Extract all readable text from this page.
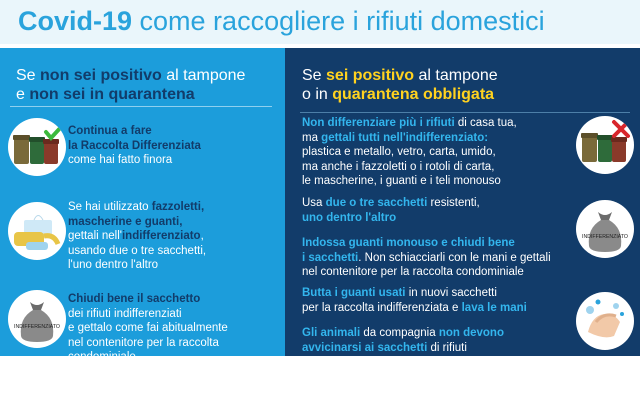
Covid-19 come raccogliere i rifiuti domestici
Se non sei positivo al tampone
e non sei in quarantena
Continua a fare
la Raccolta Differenziata
come hai fatto finora
Se hai utilizzato fazzoletti,
mascherine e guanti,
gettali nell'indifferenziato,
usando due o tre sacchetti,
l'uno dentro l'altro
INDIFFERENZIATO
Chiudi bene il sacchetto
dei rifiuti indifferenziati
e gettalo come fai abitualmente
nel contenitore per la raccolta

Se sei positivo al tampone
o in quarantena obbligata
Non differenziare più i rifiuti di casa tua,
ma gettali tutti nell'indifferenziato:
plastica e metallo, vetro, carta, umido,
ma anche i fazzoletti o i rotoli di carta,
le mascherine, i guanti e i teli monouso
Usa due o tre sacchetti resistenti,
uno dentro l'altro
Indossa guanti monouso e chiudi bene
i sacchetti. Non schiacciarli con le mani e gettali
nel contenitore per la raccolta condominiale
Butta i guanti usati in nuovi sacchetti
per la raccolta indifferenziata e lava le mani
Gli animali da compagnia non devono
avvicinarsi ai sacchetti di rifiuti
INDIFFERENZIATO
